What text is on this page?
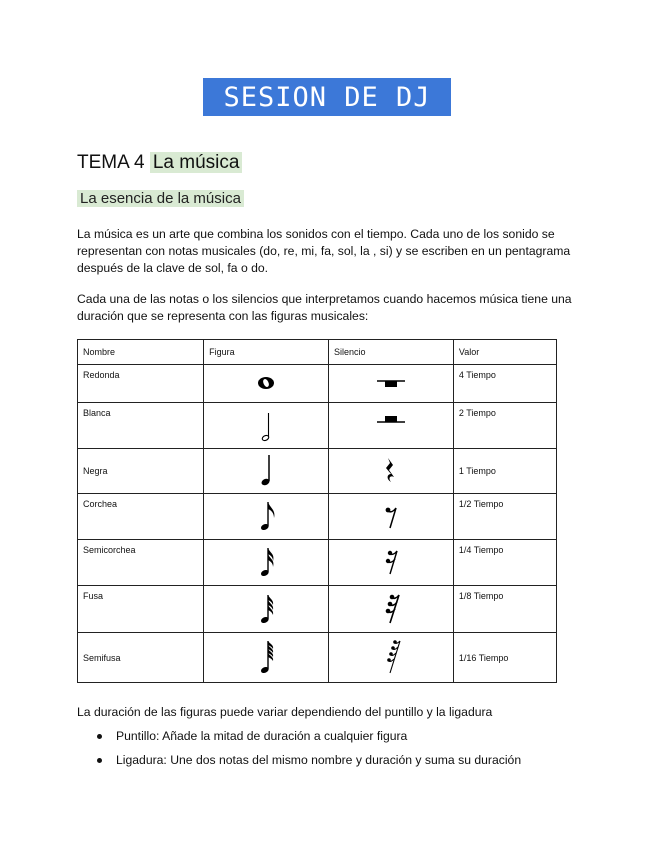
SESION DE DJ
TEMA 4 La música
La esencia de la música
La música es un arte que combina los sonidos con el tiempo. Cada uno de los sonido se representan con notas musicales (do, re, mi, fa, sol, la , si) y se escriben en un pentagrama después de la clave de sol, fa o do.
Cada una de las notas o los silencios que interpretamos cuando hacemos música tiene una duración que se representa con las figuras musicales:
Nombre	Figura	Silencio	Valor

Redonda			4 Tiempo

Blanca			2 Tiempo

Negra			1 Tiempo

Corchea			1/2 Tiempo

Semicorchea			1/4 Tiempo

Fusa			1/8 Tiempo

Semifusa			1/16 Tiempo
La duración de las figuras puede variar dependiendo del puntillo y la ligadura
Puntillo: Añade la mitad de duración a cualquier figura
Ligadura: Une dos notas del mismo nombre y duración y suma su duración
